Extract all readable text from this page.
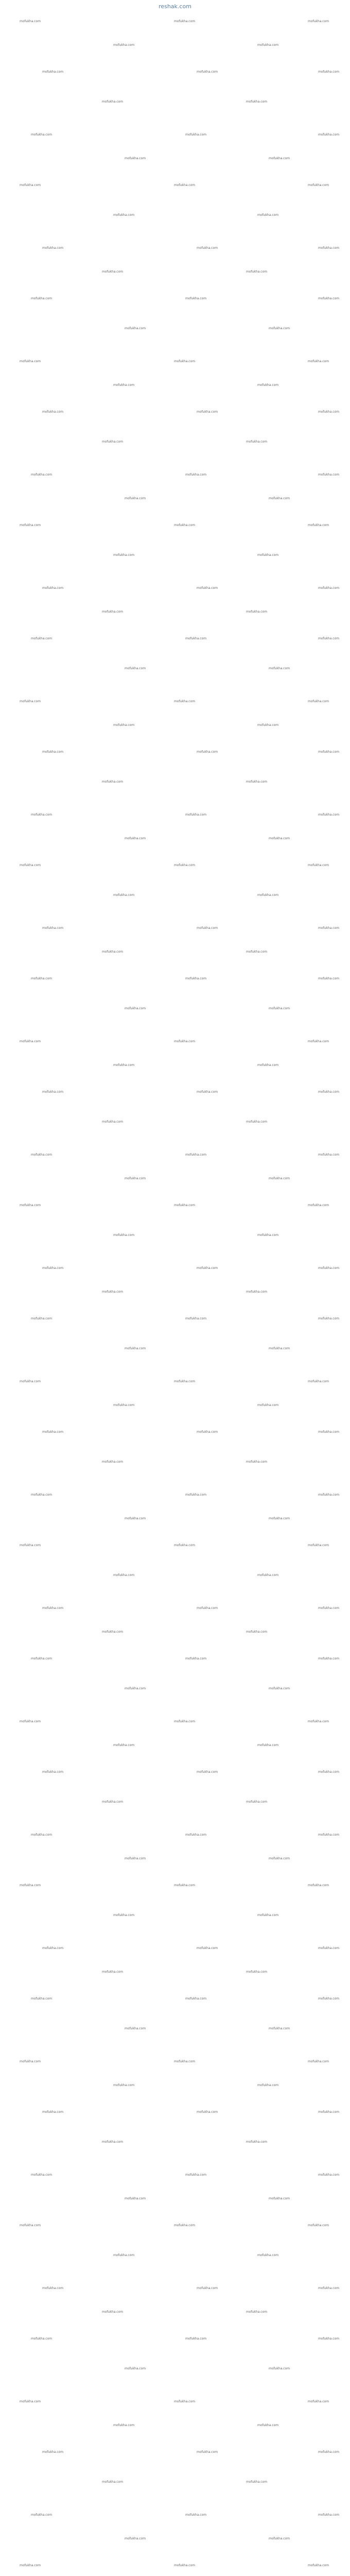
reshak.com
mofukha.com	mofukha.com	mofukha.com
mofukha.com	mofukha.com
mofukha.com	mofukha.com	mofukha.com
mofukha.com	mofukha.com
mofukha.com	mofukha.com	mofukha.com
mofukha.com	mofukha.com
mofukha.com	mofukha.com	mofukha.com
mofukha.com	mofukha.com
mofukha.com	mofukha.com	mofukha.com
mofukha.com	mofukha.com
mofukha.com	mofukha.com	mofukha.com
mofukha.com	mofukha.com
mofukha.com	mofukha.com	mofukha.com
mofukha.com	mofukha.com
mofukha.com	mofukha.com	mofukha.com
mofukha.com	mofukha.com
mofukha.com	mofukha.com	mofukha.com
mofukha.com	mofukha.com
mofukha.com	mofukha.com	mofukha.com
mofukha.com	mofukha.com
mofukha.com	mofukha.com	mofukha.com
mofukha.com	mofukha.com
mofukha.com	mofukha.com	mofukha.com
mofukha.com	mofukha.com
mofukha.com	mofukha.com	mofukha.com
mofukha.com	mofukha.com
mofukha.com	mofukha.com	mofukha.com
mofukha.com	mofukha.com
mofukha.com	mofukha.com	mofukha.com
mofukha.com	mofukha.com
mofukha.com	mofukha.com	mofukha.com
mofukha.com	mofukha.com
mofukha.com	mofukha.com	mofukha.com
mofukha.com	mofukha.com
mofukha.com	mofukha.com	mofukha.com
mofukha.com	mofukha.com
mofukha.com	mofukha.com	mofukha.com
mofukha.com	mofukha.com
mofukha.com	mofukha.com	mofukha.com
mofukha.com	mofukha.com
mofukha.com	mofukha.com	mofukha.com
mofukha.com	mofukha.com
mofukha.com	mofukha.com	mofukha.com
mofukha.com	mofukha.com
mofukha.com	mofukha.com	mofukha.com
mofukha.com	mofukha.com
mofukha.com	mofukha.com	mofukha.com
mofukha.com	mofukha.com
mofukha.com	mofukha.com	mofukha.com
mofukha.com	mofukha.com
mofukha.com	mofukha.com	mofukha.com
mofukha.com	mofukha.com
mofukha.com	mofukha.com	mofukha.com
mofukha.com	mofukha.com
mofukha.com	mofukha.com	mofukha.com
mofukha.com	mofukha.com
mofukha.com	mofukha.com	mofukha.com
mofukha.com	mofukha.com
mofukha.com	mofukha.com	mofukha.com
mofukha.com	mofukha.com
mofukha.com	mofukha.com	mofukha.com
mofukha.com	mofukha.com
mofukha.com	mofukha.com	mofukha.com
mofukha.com	mofukha.com
mofukha.com	mofukha.com	mofukha.com
mofukha.com	mofukha.com
mofukha.com	mofukha.com	mofukha.com
mofukha.com	mofukha.com
mofukha.com	mofukha.com	mofukha.com
mofukha.com	mofukha.com
mofukha.com	mofukha.com	mofukha.com
mofukha.com	mofukha.com
mofukha.com	mofukha.com	mofukha.com
mofukha.com	mofukha.com
mofukha.com	mofukha.com	mofukha.com
mofukha.com	mofukha.com
mofukha.com	mofukha.com	mofukha.com
mofukha.com	mofukha.com
mofukha.com	mofukha.com	mofukha.com
mofukha.com	mofukha.com
mofukha.com	mofukha.com	mofukha.com
mofukha.com	mofukha.com
mofukha.com	mofukha.com	mofukha.com
mofukha.com	mofukha.com
mofukha.com	mofukha.com	mofukha.com
mofukha.com	mofukha.com
mofukha.com	mofukha.com	mofukha.com
mofukha.com	mofukha.com
mofukha.com	mofukha.com	mofukha.com
mofukha.com	mofukha.com
mofukha.com	mofukha.com	mofukha.com
